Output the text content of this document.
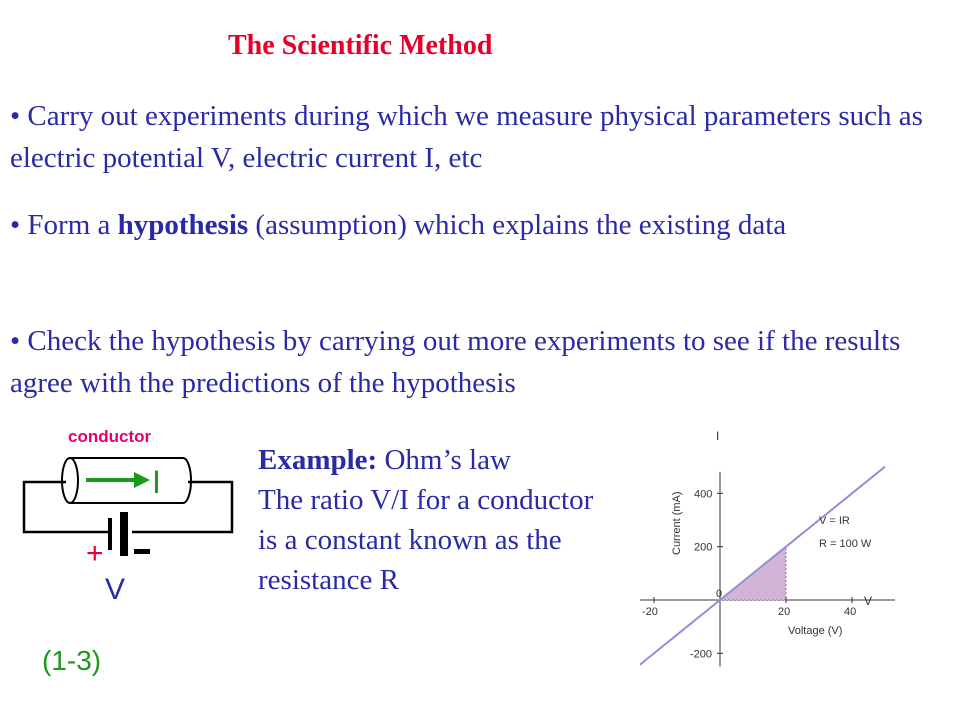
The Scientific Method
• Carry out experiments during which we measure physical parameters such as electric potential V, electric current I, etc
• Form a hypothesis (assumption) which explains the existing data
• Check the hypothesis by carrying out more experiments to see if the results agree with the predictions of the hypothesis
conductor
I
+
V
Example: Ohm’s law
The ratio V/I for a conductor is a constant known as the resistance R
-20
0
20	40
400
200
-200
I
V
Current (mA)
Voltage (V)
V = IR
R = 100 W
(1-3)
